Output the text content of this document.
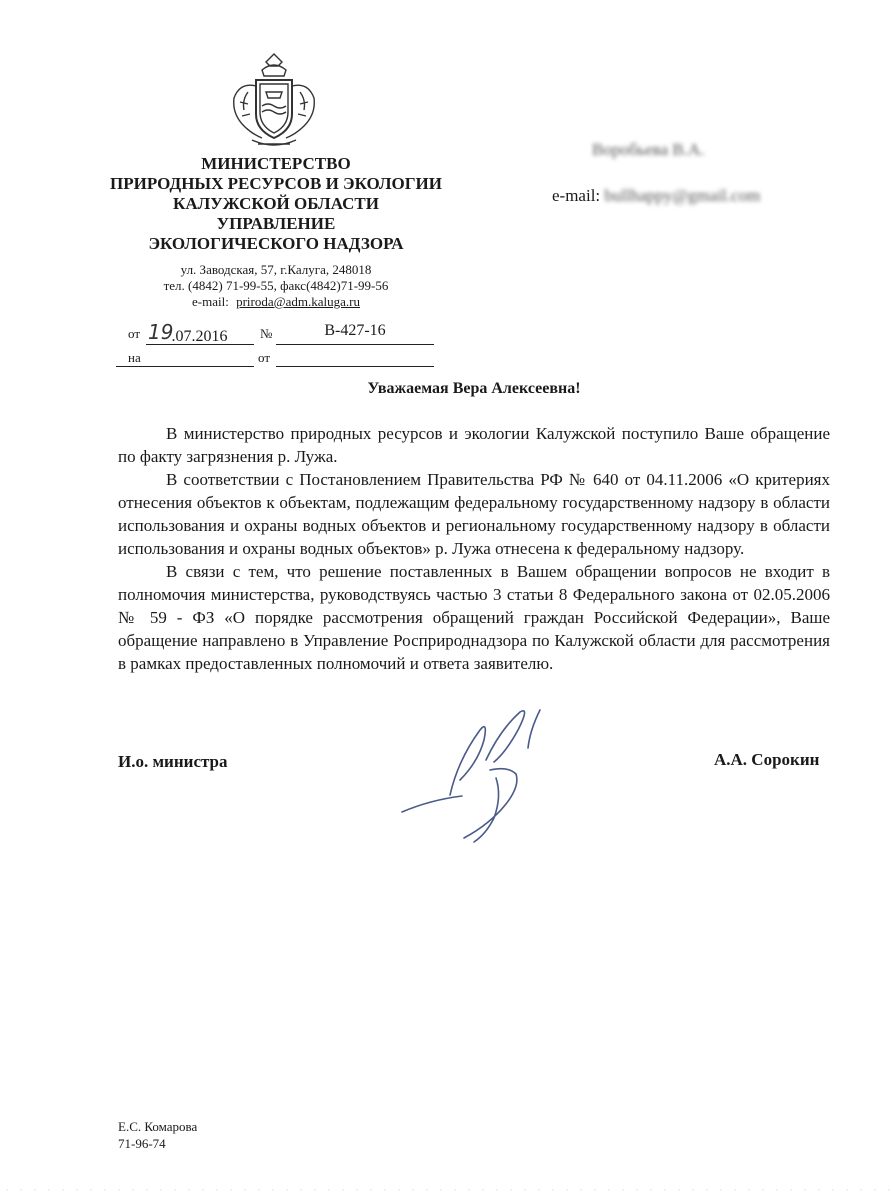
МИНИСТЕРСТВО
ПРИРОДНЫХ РЕСУРСОВ И ЭКОЛОГИИ
КАЛУЖСКОЙ ОБЛАСТИ
УПРАВЛЕНИЕ
ЭКОЛОГИЧЕСКОГО НАДЗОРА
ул. Заводская, 57, г.Калуга, 248018
тел. (4842) 71-99-55, факс(4842)71-99-56
e-mail: priroda@adm.kaluga.ru
от 19.07.2016	№	В-427-16
на	от
Воробьева В.А.
e-mail: bullhappy@gmail.com
Уважаемая Вера Алексеевна!
В министерство природных ресурсов и экологии Калужской поступило Ваше обращение по факту загрязнения р. Лужа.
В соответствии с Постановлением Правительства РФ № 640 от 04.11.2006 «О критериях отнесения объектов к объектам, подлежащим федеральному государственному надзору в области использования и охраны водных объектов и региональному государственному надзору в области использования и охраны водных объектов» р. Лужа отнесена к федеральному надзору.
В связи с тем, что решение поставленных в Вашем обращении вопросов не входит в полномочия министерства, руководствуясь частью 3 статьи 8 Федерального закона от 02.05.2006 № 59 - ФЗ «О порядке рассмотрения обращений граждан Российской Федерации», Ваше обращение направлено в Управление Росприроднадзора по Калужской области для рассмотрения в рамках предоставленных полномочий и ответа заявителю.
И.о. министра	А.А. Сорокин
Е.С. Комарова
71-96-74
